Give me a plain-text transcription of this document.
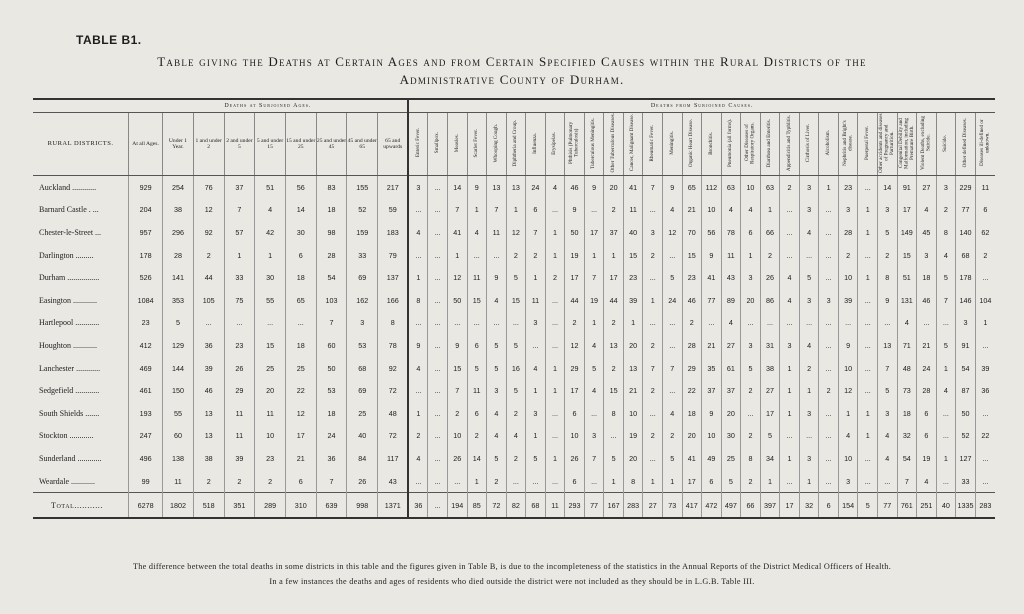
TABLE B1.
Table giving the Deaths at Certain Ages and from Certain Specified Causes within the Rural Districts of the
Administrative County of Durham.
	Deaths at Subjoined Ages.									Deaths from Subjoined Causes.																													
RURAL DISTRICTS.	At all Ages.	Under 1 Year.	1 and under 2	2 and under 5	5 and under 15	15 and under 25	25 and under 45	45 and under 65	65 and upwards	Enteric Fever.	Smallpox.	Measles.	Scarlet Fever.	Whooping Cough.	Diphtheria and Croup.	Influenza.	Erysipelas.	Phthisis (Pulmonary Tuberculosis)	Tuberculous Meningitis.	Other Tuberculous Diseases.	Cancer, Malignant Disease.	Rheumatic Fever.	Meningitis.	Organic Heart Disease.	Bronchitis.	Pneumonia (all forms).	Other Diseases of Respiratory Organs.	Diarrhœa and Enteritis.	Appendicitis and Typhlitis.	Cirrhosis of Liver.	Alcoholism.	Nephritis and Bright's disease.	Puerperal Fever.	Other accidents and diseases of Pregnancy and Parturition.	Congenital Debility and Malformation, including Premature Birth.	Violent Deaths, excluding Suicide.	Suicide.	Other defined Diseases.	Diseases ill-defined or unknown.
Auckland ............	929	254	76	37	51	56	83	155	217	3	...	14	9	13	13	24	4	46	9	20	41	7	9	65	112	63	10	63	2	3	1	23	...	14	91	27	3	229	11
Barnard Castle . ...	204	38	12	7	4	14	18	52	59	...	...	7	1	7	1	6	...	9	...	2	11	...	4	21	10	4	4	1	...	3	...	3	1	3	17	4	2	77	6
Chester-le-Street ...	957	296	92	57	42	30	98	159	183	4	...	41	4	11	12	7	1	50	17	37	40	3	12	70	56	78	6	66	...	4	...	28	1	5	149	45	8	140	62
Darlington .........	178	28	2	1	1	6	28	33	79	...	...	1	...	...	2	2	1	19	1	1	15	2	...	15	9	11	1	2	...	...	...	2	...	2	15	3	4	68	2
Durham ................	526	141	44	33	30	18	54	69	137	1	...	12	11	9	5	1	2	17	7	17	23	...	5	23	41	43	3	26	4	5	...	10	1	8	51	18	5	178	...
Easington ............	1084	353	105	75	55	65	103	162	166	8	...	50	15	4	15	11	...	44	19	44	39	1	24	46	77	89	20	86	4	3	3	39	...	9	131	46	7	146	104
Hartlepool ............	23	5	...	...	...	...	7	3	8	...	...	...	...	...	...	3	...	2	1	2	1	...	...	2	...	4	...	...	...	...	...	...	...	...	4	...	...	3	1
Houghton ............	412	129	36	23	15	18	60	53	78	9	...	9	6	5	5	...	...	12	4	13	20	2	...	28	21	27	3	31	3	4	...	9	...	13	71	21	5	91	...
Lanchester ............	469	144	39	26	25	25	50	68	92	4	...	15	5	5	16	4	1	29	5	2	13	7	7	29	35	61	5	38	1	2	...	10	...	7	48	24	1	54	39
Sedgefield ............	461	150	46	29	20	22	53	69	72	...	...	7	11	3	5	1	1	17	4	15	21	2	...	22	37	37	2	27	1	1	2	12	...	5	73	28	4	87	36
South Shields .......	193	55	13	11	11	12	18	25	48	1	...	2	6	4	2	3	...	6	...	8	10	...	4	18	9	20	...	17	1	3	...	1	1	3	18	6	...	50	...
Stockton ............	247	60	13	11	10	17	24	40	72	2	...	10	2	4	4	1	...	10	3	...	19	2	2	20	10	30	2	5	...	...	...	4	1	4	32	6	...	52	22
Sunderland ............	496	138	38	39	23	21	36	84	117	4	...	26	14	5	2	5	1	26	7	5	20	...	5	41	49	25	8	34	1	3	...	10	...	4	54	19	1	127	...
Weardale ............	99	11	2	2	2	6	7	26	43	...	...	...	1	2	...	...	...	6	...	1	8	1	1	17	6	5	2	1	...	1	...	3	...	...	7	4	...	33	...
Total...........	6278	1802	518	351	289	310	639	998	1371	36	...	194	85	72	82	68	11	293	77	167	283	27	73	417	472	497	66	397	17	32	6	154	5	77	761	251	40	1335	283
The difference between the total deaths in some districts in this table and the figures given in Table B, is due to the incompleteness of the statistics in the Annual Reports of the District Medical Officers of Health.
In a few instances the deaths and ages of residents who died outside the district were not included as they should be in L.G.B. Table III.
